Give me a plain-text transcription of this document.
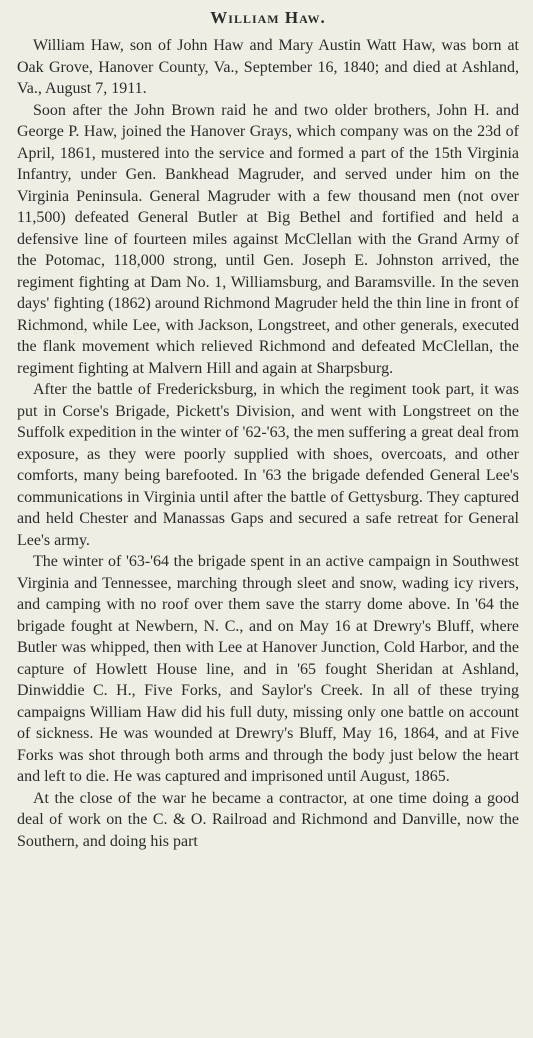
William Haw.

William Haw, son of John Haw and Mary Austin Watt Haw, was born at Oak Grove, Hanover County, Va., September 16, 1840; and died at Ashland, Va., August 7, 1911.

Soon after the John Brown raid he and two older brothers, John H. and George P. Haw, joined the Hanover Grays, which company was on the 23d of April, 1861, mustered into the service and formed a part of the 15th Virginia Infantry, under Gen. Bankhead Magruder, and served under him on the Virginia Peninsula. General Magruder with a few thousand men (not over 11,500) defeated General Butler at Big Bethel and fortified and held a defensive line of fourteen miles against McClellan with the Grand Army of the Potomac, 118,000 strong, until Gen. Joseph E. Johnston arrived, the regiment fighting at Dam No. 1, Williamsburg, and Baramsville. In the seven days' fighting (1862) around Richmond Magruder held the thin line in front of Richmond, while Lee, with Jackson, Longstreet, and other generals, executed the flank movement which relieved Richmond and defeated McClellan, the regiment fighting at Malvern Hill and again at Sharpsburg.

After the battle of Fredericksburg, in which the regiment took part, it was put in Corse's Brigade, Pickett's Division, and went with Longstreet on the Suffolk expedition in the winter of '62-'63, the men suffering a great deal from exposure, as they were poorly supplied with shoes, overcoats, and other comforts, many being barefooted. In '63 the brigade defended General Lee's communications in Virginia until after the battle of Gettysburg. They captured and held Chester and Manassas Gaps and secured a safe retreat for General Lee's army.

The winter of '63-'64 the brigade spent in an active campaign in Southwest Virginia and Tennessee, marching through sleet and snow, wading icy rivers, and camping with no roof over them save the starry dome above. In '64 the brigade fought at Newbern, N. C., and on May 16 at Drewry's Bluff, where Butler was whipped, then with Lee at Hanover Junction, Cold Harbor, and the capture of Howlett House line, and in '65 fought Sheridan at Ashland, Dinwiddie C. H., Five Forks, and Saylor's Creek. In all of these trying campaigns William Haw did his full duty, missing only one battle on account of sickness. He was wounded at Drewry's Bluff, May 16, 1864, and at Five Forks was shot through both arms and through the body just below the heart and left to die. He was captured and imprisoned until August, 1865.

At the close of the war he became a contractor, at one time doing a good deal of work on the C. & O. Railroad and Richmond and Danville, now the Southern, and doing his part
